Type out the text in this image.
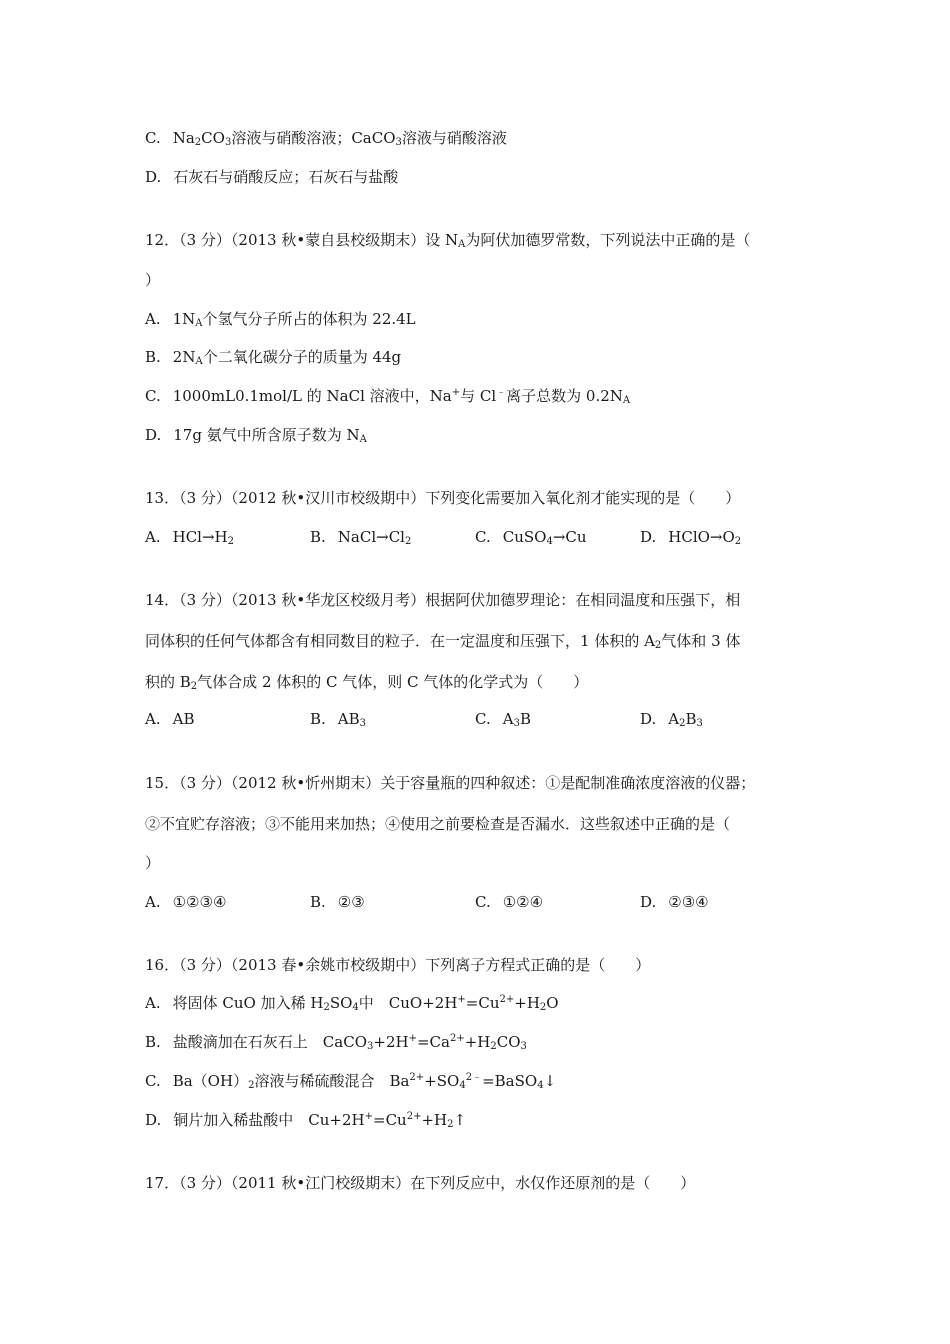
C. $Na_2CO_3$溶液与硝酸溶液；CaCO$_3$溶液与硝酸溶液
D. 石灰石与硝酸反应；石灰石与盐酸
12．（3 分）（2013 秋•蒙自县校级期末）设 $N_A$为阿伏加德罗常数，下列说法中正确的是（
）
A. $1N_A$个氢气分子所占的体积为 22.4L
B. $2N_A$个二氧化碳分子的质量为 44g
C. 1000mL0.1mol/L 的 NaCl 溶液中，Na+与 Cl﹣离子总数为 $0.2N_A$
D. 17g 氨气中所含原子数为 $N_A$
13．（3 分）（2012 秋•汉川市校级期中）下列变化需要加入氧化剂才能实现的是（　　）
A. $HCl\to H_2$	B. $NaCl\to Cl_2$	C. CuSO$_4$→Cu	D. $HClO\to O_2$
14．（3 分）（2013 秋•华龙区校级月考）根据阿伏加德罗理论：在相同温度和压强下，相
同体积的任何气体都含有相同数目的粒子．在一定温度和压强下，1 体积的 $A_2$气体和 3 体
积的 $B_2$气体合成 2 体积的 C 气体，则 C 气体的化学式为（　　）
A. AB	B. $AB_3$	C. $A_3B$	D. $A_2B_3$
15．（3 分）（2012 秋•忻州期末）关于容量瓶的四种叙述：①是配制准确浓度溶液的仪器；
②不宜贮存溶液；③不能用来加热；④使用之前要检查是否漏水．这些叙述中正确的是（
）
A. ①②③④	B. ②③	C. ①②④	D. ②③④
16．（3 分）（2013 春•余姚市校级期中）下列离子方程式正确的是（　　）
A. 将固体 CuO 加入稀 $H_2SO_4$中　$CuO+2H^+=Cu^{2+}+H_2O$
B. 盐酸滴加在石灰石上　$CaCO_3+2H^+=Ca^{2+}+H_2CO_3$
C. $Ba(OH)_2$溶液与稀硫酸混合　$Ba^{2+}+SO_4^{2﹣}=BaSO_4↓$
D. 铜片加入稀盐酸中　$Cu+2H^+=Cu^{2+}+H_2↑$
17．（3 分）（2011 秋•江门校级期末）在下列反应中，水仅作还原剂的是（　　）
